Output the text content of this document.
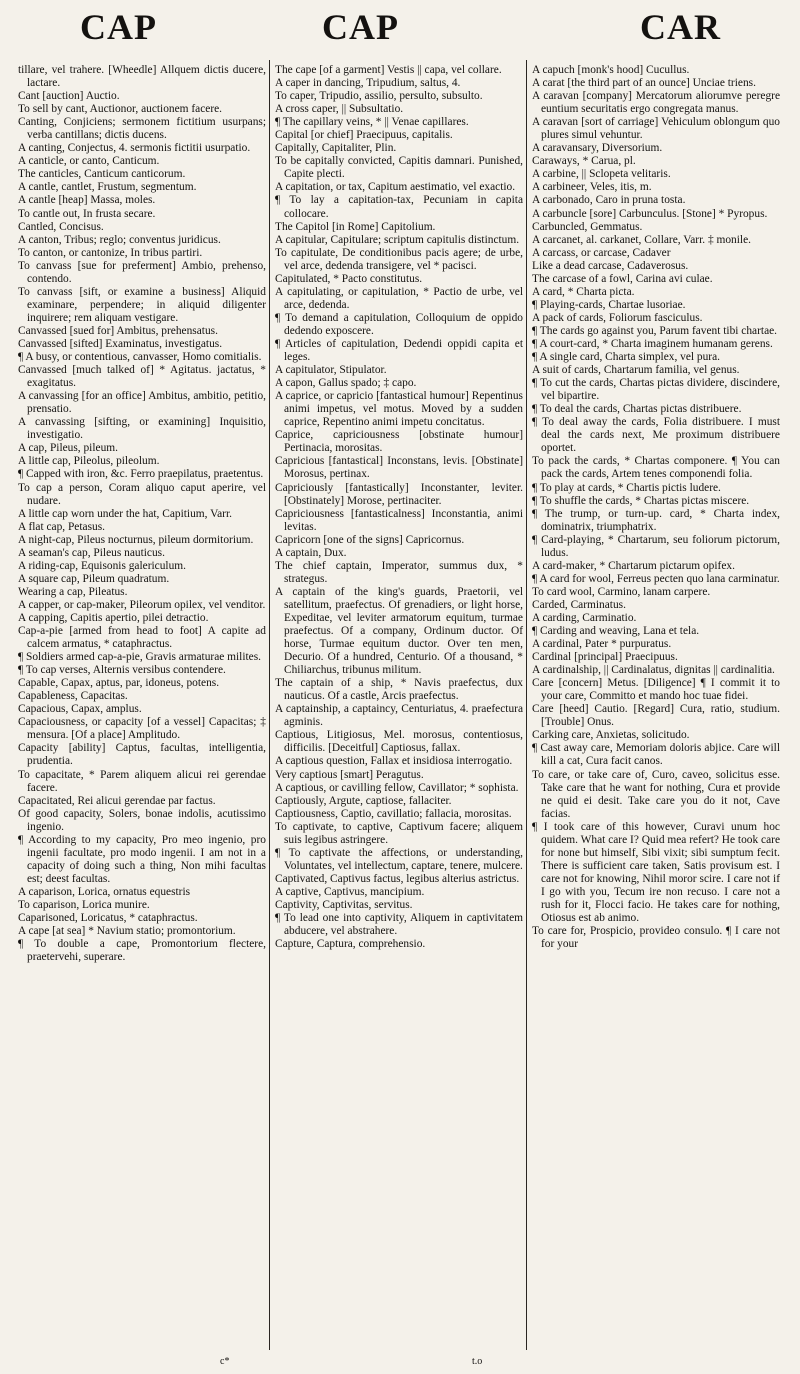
CAP	CAP	CAR

tillare, vel trahere. [Wheedle] Allquem dictis ducere, lactare.

Cant [auction] Auctio.

To sell by cant, Auctionor, auctionem facere.

Canting, Conjiciens; sermonem fictitium usurpans; verba cantillans; dictis ducens.

A canting, Conjectus, 4. sermonis fictitii usurpatio.

A canticle, or canto, Canticum.

The canticles, Canticum canticorum.

A cantle, cantlet, Frustum, segmentum.

A cantle [heap] Massa, moles.

To cantle out, In frusta secare.

Cantled, Concisus.

A canton, Tribus; reglo; conventus juridicus.

To canton, or cantonize, In tribus partiri.

To canvass [sue for preferment] Ambio, prehenso, contendo.

To canvass [sift, or examine a business] Aliquid examinare, perpendere; in aliquid diligenter inquirere; rem aliquam vestigare.

Canvassed [sued for] Ambitus, prehensatus.

Canvassed [sifted] Examinatus, investigatus.

¶ A busy, or contentious, canvasser, Homo comitialis.

Canvassed [much talked of] * Agitatus. jactatus, * exagitatus.

A canvassing [for an office] Ambitus, ambitio, petitio, prensatio.

A canvassing [sifting, or examining] Inquisitio, investigatio.

A cap, Pileus, pileum.

A little cap, Pileolus, pileolum.

¶ Capped with iron, &c. Ferro praepilatus, praetentus.

To cap a person, Coram aliquo caput aperire, vel nudare.

A little cap worn under the hat, Capitium, Varr.

A flat cap, Petasus.

A night-cap, Pileus nocturnus, pileum dormitorium.

A seaman's cap, Pileus nauticus.

A riding-cap, Equisonis galericulum.

A square cap, Pileum quadratum.

Wearing a cap, Pileatus.

A capper, or cap-maker, Pileorum opilex, vel venditor.

A capping, Capitis apertio, pilei detractio.

Cap-a-pie [armed from head to foot] A capite ad calcem armatus, * cataphractus.

¶ Soldiers armed cap-a-pie, Gravis armaturae milites.

¶ To cap verses, Alternis versibus contendere.

Capable, Capax, aptus, par, idoneus, potens.

Capableness, Capacitas.

Capacious, Capax, amplus.

Capaciousness, or capacity [of a vessel] Capacitas; ‡ mensura. [Of a place] Amplitudo.

Capacity [ability] Captus, facultas, intelligentia, prudentia.

To capacitate, * Parem aliquem alicui rei gerendae facere.

Capacitated, Rei alicui gerendae par factus.

Of good capacity, Solers, bonae indolis, acutissimo ingenio.

¶ According to my capacity, Pro meo ingenio, pro ingenii facultate, pro modo ingenii. I am not in a capacity of doing such a thing, Non mihi facultas est; deest facultas.

A caparison, Lorica, ornatus equestris

To caparison, Lorica munire.

Caparisoned, Loricatus, * cataphractus.

A cape [at sea] * Navium statio; promontorium.

¶ To double a cape, Promontorium flectere, praetervehi, superare.

The cape [of a garment] Vestis || capa, vel collare.

A caper in dancing, Tripudium, saltus, 4.

To caper, Tripudio, assilio, persulto, subsulto.

A cross caper, || Subsultatio.

¶ The capillary veins, * || Venae capillares.

Capital [or chief] Praecipuus, capitalis.

Capitally, Capitaliter, Plin.

To be capitally convicted, Capitis damnari. Punished, Capite plecti.

A capitation, or tax, Capitum aestimatio, vel exactio.

¶ To lay a capitation-tax, Pecuniam in capita collocare.

The Capitol [in Rome] Capitolium.

A capitular, Capitulare; scriptum capitulis distinctum.

To capitulate, De conditionibus pacis agere; de urbe, vel arce, dedenda transigere, vel * pacisci.

Capitulated, * Pacto constitutus.

A capitulating, or capitulation, * Pactio de urbe, vel arce, dedenda.

¶ To demand a capitulation, Colloquium de oppido dedendo exposcere.

¶ Articles of capitulation, Dedendi oppidi capita et leges.

A capitulator, Stipulator.

A capon, Gallus spado; ‡ capo.

A caprice, or capricio [fantastical humour] Repentinus animi impetus, vel motus. Moved by a sudden caprice, Repentino animi impetu concitatus.

Caprice, capriciousness [obstinate humour] Pertinacia, morositas.

Capricious [fantastical] Inconstans, levis. [Obstinate] Morosus, pertinax.

Capriciously [fantastically] Inconstanter, leviter. [Obstinately] Morose, pertinaciter.

Capriciousness [fantasticalness] Inconstantia, animi levitas.

Capricorn [one of the signs] Capricornus.

A captain, Dux.

The chief captain, Imperator, summus dux, * strategus.

A captain of the king's guards, Praetorii, vel satellitum, praefectus. Of grenadiers, or light horse, Expeditae, vel leviter armatorum equitum, turmae praefectus. Of a company, Ordinum ductor. Of horse, Turmae equitum ductor. Over ten men, Decurio. Of a hundred, Centurio. Of a thousand, * Chiliarchus, tribunus militum.

The captain of a ship, * Navis praefectus, dux nauticus. Of a castle, Arcis praefectus.

A captainship, a captaincy, Centuriatus, 4. praefectura agminis.

Captious, Litigiosus, Mel. morosus, contentiosus, difficilis. [Deceitful] Captiosus, fallax.

A captious question, Fallax et insidiosa interrogatio.

Very captious [smart] Peragutus.

A captious, or cavilling fellow, Cavillator; * sophista.

Captiously, Argute, captiose, fallaciter.

Captiousness, Captio, cavillatio; fallacia, morositas.

To captivate, to captive, Captivum facere; aliquem suis legibus astringere.

¶ To captivate the affections, or understanding, Voluntates, vel intellectum, captare, tenere, mulcere.

Captivated, Captivus factus, legibus alterius astrictus.

A captive, Captivus, mancipium.

Captivity, Captivitas, servitus.

¶ To lead one into captivity, Aliquem in captivitatem abducere, vel abstrahere.

Capture, Captura, comprehensio.

A capuch [monk's hood] Cucullus.

A carat [the third part of an ounce] Unciae triens.

A caravan [company] Mercatorum aliorumve peregre euntium securitatis ergo congregata manus.

A caravan [sort of carriage] Vehiculum oblongum quo plures simul vehuntur.

A caravansary, Diversorium.

Caraways, * Carua, pl.

A carbine, || Sclopeta velitaris.

A carbineer, Veles, itis, m.

A carbonado, Caro in pruna tosta.

A carbuncle [sore] Carbunculus. [Stone] * Pyropus.

Carbuncled, Gemmatus.

A carcanet, al. carkanet, Collare, Varr. ‡ monile.

A carcass, or carcase, Cadaver

Like a dead carcase, Cadaverosus.

The carcase of a fowl, Carina avi culae.

A card, * Charta picta.

¶ Playing-cards, Chartae lusoriae.

A pack of cards, Foliorum fasciculus.

¶ The cards go against you, Parum favent tibi chartae.

¶ A court-card, * Charta imaginem humanam gerens.

¶ A single card, Charta simplex, vel pura.

A suit of cards, Chartarum familia, vel genus.

¶ To cut the cards, Chartas pictas dividere, discindere, vel bipartire.

¶ To deal the cards, Chartas pictas distribuere.

¶ To deal away the cards, Folia distribuere. I must deal the cards next, Me proximum distribuere oportet.

To pack the cards, * Chartas componere. ¶ You can pack the cards, Artem tenes componendi folia.

¶ To play at cards, * Chartis pictis ludere.

¶ To shuffle the cards, * Chartas pictas miscere.

¶ The trump, or turn-up. card, * Charta index, dominatrix, triumphatrix.

¶ Card-playing, * Chartarum, seu foliorum pictorum, ludus.

A card-maker, * Chartarum pictarum opifex.

¶ A card for wool, Ferreus pecten quo lana carminatur.

To card wool, Carmino, lanam carpere.

Carded, Carminatus.

A carding, Carminatio.

¶ Carding and weaving, Lana et tela.

A cardinal, Pater * purpuratus.

Cardinal [principal] Praecipuus.

A cardinalship, || Cardinalatus, dignitas || cardinalitia.

Care [concern] Metus. [Diligence] ¶ I commit it to your care, Committo et mando hoc tuae fidei.

Care [heed] Cautio. [Regard] Cura, ratio, studium. [Trouble] Onus.

Carking care, Anxietas, solicitudo.

¶ Cast away care, Memoriam doloris abjice. Care will kill a cat, Cura facit canos.

To care, or take care of, Curo, caveo, solicitus esse. Take care that he want for nothing, Cura et provide ne quid ei desit. Take care you do it not, Cave facias.

¶ I took care of this however, Curavi unum hoc quidem. What care I? Quid mea refert? He took care for none but himself, Sibi vixit; sibi sumptum fecit. There is sufficient care taken, Satis provisum est. I care not for knowing, Nihil moror scire. I care not if I go with you, Tecum ire non recuso. I care not a rush for it, Flocci facio. He takes care for nothing, Otiosus est ab animo.

To care for, Prospicio, provideo consulo. ¶ I care not for your

c*	t.o
